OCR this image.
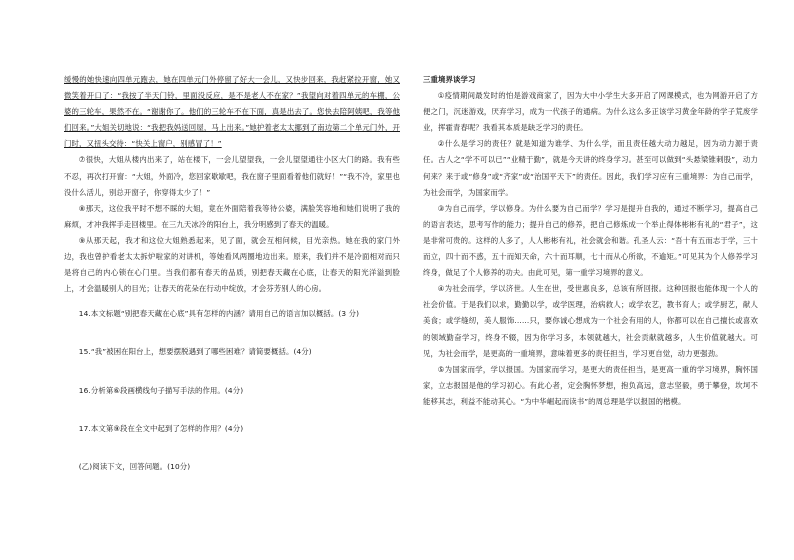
缓慢的她快速向四单元跑去，她在四单元门外停留了好大一会儿，又快步回来，我赶紧拉开窗，她又微笑着开口了：“我按了半天门铃，里面没反应，是不是老人不在家？”我望向对着四单元的车棚，公婆的三轮车，果然不在。“谢谢你了。他们的三轮车不在下面，真是出去了。您快去陪阿姨吧，我等他们回来。”大姐关切地说：“我把我妈送回屋，马上出来。”她护着老太太挪到了南边第二个单元门外，开门时，又扭头交待：“快关上窗户，别感冒了！”

⑦很快，大姐从楼内出来了，站在楼下，一会儿望望我，一会儿望望通往小区大门的路。我有些不忍，再次打开窗：“大姐，外面冷，您回家歇歇吧，我在窗子里面看着他们就好！”“我不冷，家里也没什么活儿，别总开窗子，你穿得太少了！”

⑧那天，这位我平时不想不睬的大姐，竟在外面陪着我等待公婆，满脸笑容地和她们说明了我的麻烦，才冲我挥手走回楼里。在三九天冰冷的阳台上，我分明感到了春天的温暖。

⑨从那天起，我才和这位大姐熟悉起来，见了面，就会互相问候，目光亲热。她在我的家门外边，我也曾护看老太太拆炉啦家的对讲机，等她看风两圈地边出来。原来，我们并不是冷面相对而只是将自己的内心锁在心门里。当我们都有春天的品质，别把春天藏在心底，让春天的阳光洋溢到脸上，才会温暖别人的目光；让春天的花朵在行动中绽放，才会芬芳别人的心房。

14.本文标题“别把春天藏在心底”具有怎样的内涵？请用自己的语言加以概括。(3 分)

15.“我”被困在阳台上，想要摆脱遇到了哪些困难？请简要概括。(4分)

16.分析第⑥段画横线句子描写手法的作用。(4分)

17.本文第⑨段在全文中起到了怎样的作用？(4分)

(乙)阅读下文，回答问题。(10分)

三重境界谈学习

①疫情期间最发时的怕是游戏商家了，因为大中小学生大多开启了网课模式，也为网游开启了方便之门，沉迷游戏，厌弃学习，成为一代孩子的通病。为什么这么多正该学习黄金年龄的学子荒废学业，挥霍青春呢？我看其本质是缺乏学习的责任。

②什么是学习的责任？就是知道为谁学、为什么学，而且责任越大动力越足，因为动力源于责任。古人之“学不可以已”“业精于勤”，就是今天讲的终身学习。甚至可以做到“头悬梁锥刺股”，动力何来？来于或“修身”或“齐家”或“治国平天下”的责任。因此，我们学习应有三重境界：为自己而学，为社会而学，为国家而学。

③为自己而学，学以修身。为什么要为自己而学？学习是提升自我的，通过不断学习，提高自己的语言表达，思考写作的能力；提升自己的修养，把自己修炼成一个举止得体彬彬有礼的“君子”，这是非常可贵的。这样的人多了，人人彬彬有礼，社会就会和谐。孔圣人云：“吾十有五而志于学，三十而立，四十而不惑，五十而知天命，六十而耳顺，七十而从心所欲，不逾矩。”可见其为个人修养学习终身，做足了个人修养的功夫。由此可见，第一重学习境界的意义。

④为社会而学，学以济世。人生在世，受世惠良多，总该有所回报。这种回报也能体现一个人的社会价值。于是我们以求，勤勤以学，或学医理，治病救人；或学农艺，教书育人；或学厨艺，献人美食；或学缝纫，美人服饰……只，要你诚心想成为一个社会有用的人，你都可以在自己擅长或喜欢的领域勤奋学习，终身不辍，因为你学习多，本领就越大，社会贡献就越多，人生价值就越大。可见，为社会而学，是更高的一重境界，意味着更多的责任担当，学习更自觉，动力更强劲。

⑤为国家而学，学以报国。为国家而学习，是更大的责任担当，是更高一重的学习境界，胸怀国家，立志报国是他的学习初心。有此心者，定会胸怀梦想，抱负高远，意志坚毅，勇于攀登，坎坷不能移其志，利益不能动其心。“为中华崛起而读书”的周总理是学以报国的楷模。
